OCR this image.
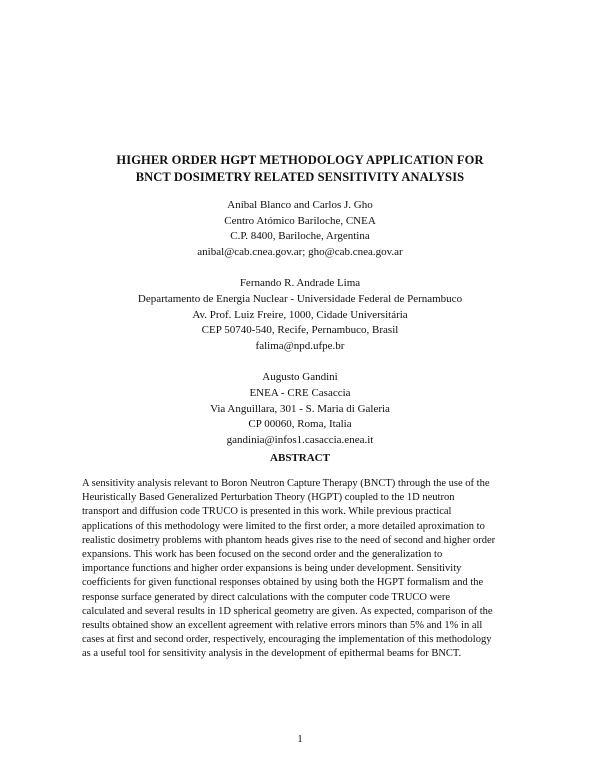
HIGHER ORDER HGPT METHODOLOGY APPLICATION FOR
BNCT DOSIMETRY RELATED SENSITIVITY ANALYSIS
Aníbal Blanco and Carlos J. Gho
Centro Atómico Bariloche, CNEA
C.P. 8400, Bariloche, Argentina
anibal@cab.cnea.gov.ar; gho@cab.cnea.gov.ar
Fernando R. Andrade Lima
Departamento de Energia Nuclear - Universidade Federal de Pernambuco
Av. Prof. Luiz Freire, 1000, Cidade Universitária
CEP 50740-540, Recife, Pernambuco, Brasil
falima@npd.ufpe.br
Augusto Gandini
ENEA - CRE Casaccia
Via Anguillara, 301 - S. Maria di Galeria
CP 00060, Roma, Italia
gandinia@infos1.casaccia.enea.it
ABSTRACT
A sensitivity analysis relevant to Boron Neutron Capture Therapy (BNCT) through the use of the
Heuristically Based Generalized Perturbation Theory (HGPT) coupled to the 1D neutron
transport and diffusion code TRUCO is presented in this work. While previous practical
applications of this methodology were limited to the first order, a more detailed aproximation to
realistic dosimetry problems with phantom heads gives rise to the need of second and higher order
expansions. This work has been focused on the second order and the generalization to
importance functions and higher order expansions is being under development. Sensitivity
coefficients for given functional responses obtained by using both the HGPT formalism and the
response surface generated by direct calculations with the computer code TRUCO were
calculated and several results in 1D spherical geometry are given. As expected, comparison of the
results obtained show an excellent agreement with relative errors minors than 5% and 1% in all
cases at first and second order, respectively, encouraging the implementation of this methodology
as a useful tool for sensitivity analysis in the development of epithermal beams for BNCT.
1
